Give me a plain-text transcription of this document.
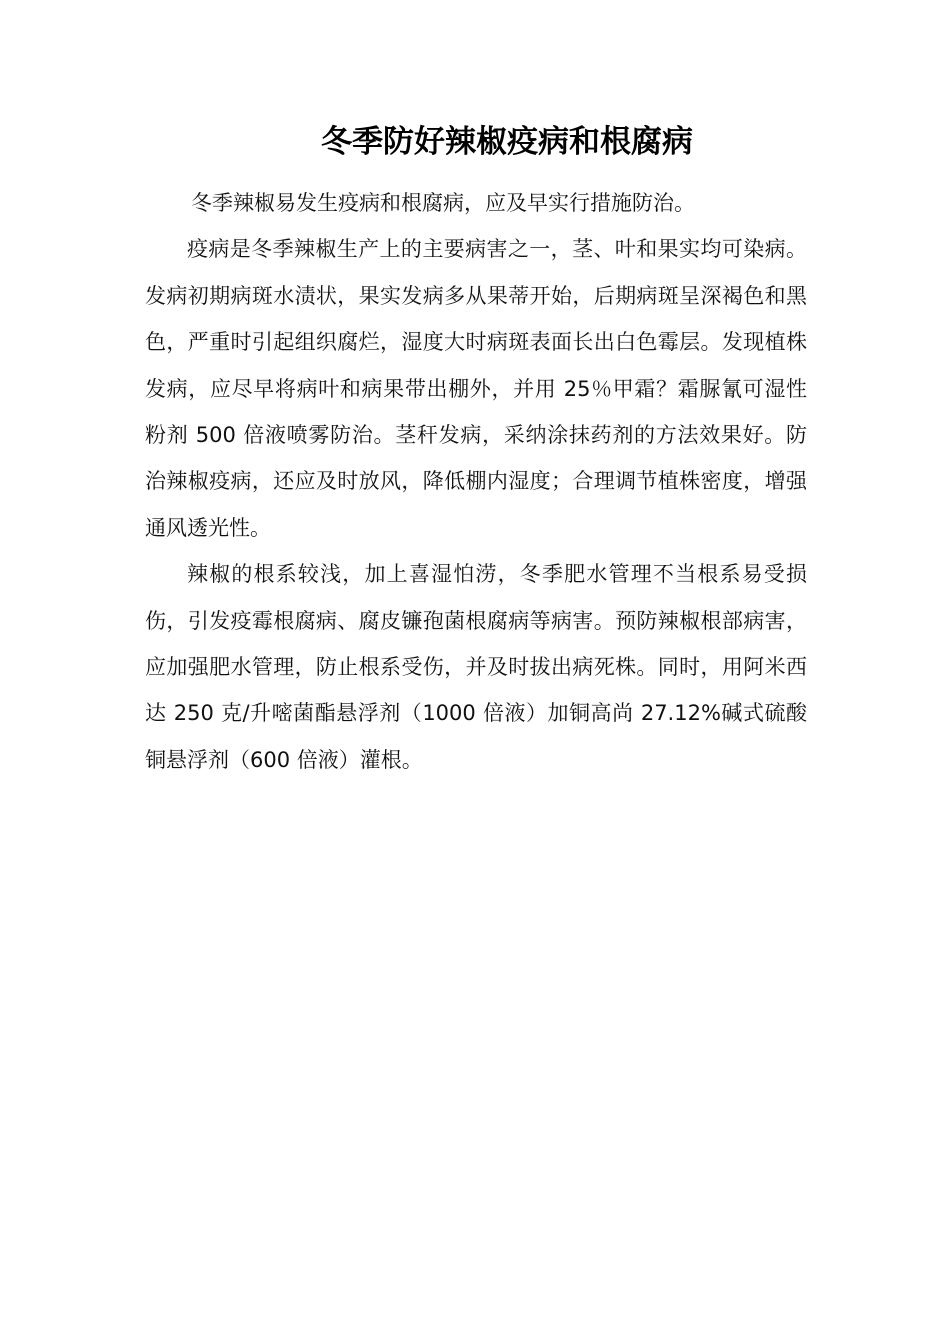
冬季防好辣椒疫病和根腐病

冬季辣椒易发生疫病和根腐病，应及早实行措施防治。

疫病是冬季辣椒生产上的主要病害之一，茎、叶和果实均可染病。发病初期病斑水渍状，果实发病多从果蒂开始，后期病斑呈深褐色和黑色，严重时引起组织腐烂，湿度大时病斑表面长出白色霉层。发现植株发病，应尽早将病叶和病果带出棚外，并用 25％甲霜？霜脲氰可湿性粉剂 500 倍液喷雾防治。茎秆发病，采纳涂抹药剂的方法效果好。防治辣椒疫病，还应及时放风，降低棚内湿度；合理调节植株密度，增强通风透光性。

辣椒的根系较浅，加上喜湿怕涝，冬季肥水管理不当根系易受损伤，引发疫霉根腐病、腐皮镰孢菌根腐病等病害。预防辣椒根部病害，应加强肥水管理，防止根系受伤，并及时拔出病死株。同时，用阿米西达 250 克/升嘧菌酯悬浮剂（1000 倍液）加铜高尚 27.12%碱式硫酸铜悬浮剂（600 倍液）灌根。
